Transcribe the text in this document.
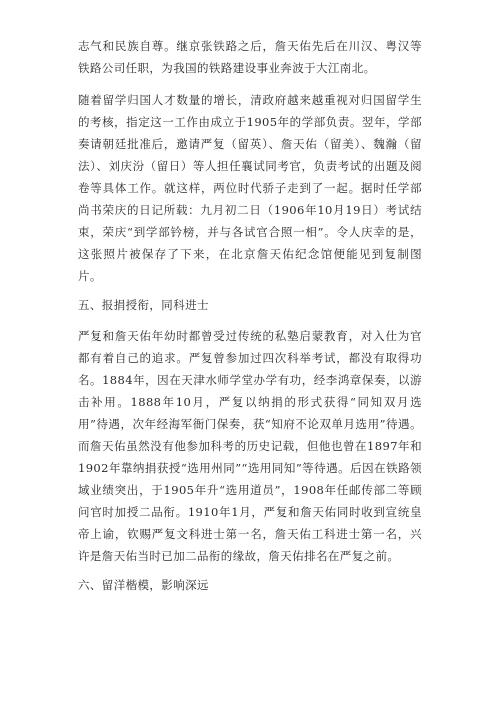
志气和民族自尊。继京张铁路之后，詹天佑先后在川汉、粤汉等铁路公司任职，为我国的铁路建设事业奔波于大江南北。

随着留学归国人才数量的增长，清政府越来越重视对归国留学生的考核，指定这一工作由成立于1905年的学部负责。翌年，学部奏请朝廷批准后，邀请严复（留英）、詹天佑（留美）、魏瀚（留法）、刘庆汾（留日）等人担任襄试同考官，负责考试的出题及阅卷等具体工作。就这样，两位时代骄子走到了一起。据时任学部尚书荣庆的日记所载：九月初二日（1906年10月19日）考试结束，荣庆“到学部钤榜，并与各试官合照一相”。令人庆幸的是，这张照片被保存了下来，在北京詹天佑纪念馆便能见到复制图片。

五、报捐授衔，同科进士

严复和詹天佑年幼时都曾受过传统的私塾启蒙教育，对入仕为官都有着自己的追求。严复曾参加过四次科举考试，都没有取得功名。1884年，因在天津水师学堂办学有功，经李鸿章保奏，以游击补用。1888年10月，严复以纳捐的形式获得“同知双月选用”待遇，次年经海军衙门保奏，获“知府不论双单月选用”待遇。而詹天佑虽然没有他参加科考的历史记载，但他也曾在1897年和1902年靠纳捐获授“选用州同”“选用同知”等待遇。后因在铁路领域业绩突出，于1905年升“选用道员”，1908年任邮传部二等顾问官时加授二品衔。1910年1月，严复和詹天佑同时收到宣统皇帝上谕，钦赐严复文科进士第一名，詹天佑工科进士第一名，兴许是詹天佑当时已加二品衔的缘故，詹天佑排名在严复之前。

六、留洋楷模，影响深远
